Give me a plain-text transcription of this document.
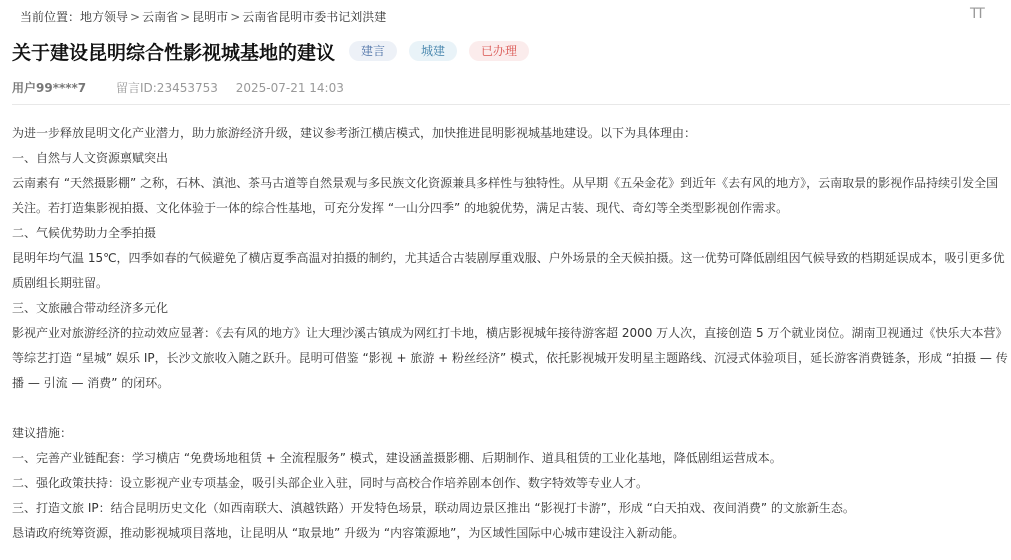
当前位置：地方领导 > 云南省 > 昆明市 > 云南省昆明市委书记刘洪建	TT
关于建设昆明综合性影视城基地的建议	建言	城建	已办理
用户99****7 留言ID:23453753 2025-07-21 14:03

为进一步释放昆明文化产业潜力，助力旅游经济升级，建议参考浙江横店模式，加快推进昆明影视城基地建设。以下为具体理由：

一、自然与人文资源禀赋突出

云南素有 “天然摄影棚” 之称，石林、滇池、茶马古道等自然景观与多民族文化资源兼具多样性与独特性。从早期《五朵金花》到近年《去有风的地方》，云南取景的影视作品持续引发全国关注。若打造集影视拍摄、文化体验于一体的综合性基地，可充分发挥 “一山分四季” 的地貌优势，满足古装、现代、奇幻等全类型影视创作需求。

二、气候优势助力全季拍摄

昆明年均气温 15℃，四季如春的气候避免了横店夏季高温对拍摄的制约，尤其适合古装剧厚重戏服、户外场景的全天候拍摄。这一优势可降低剧组因气候导致的档期延误成本，吸引更多优质剧组长期驻留。

三、文旅融合带动经济多元化

影视产业对旅游经济的拉动效应显著：《去有风的地方》让大理沙溪古镇成为网红打卡地，横店影视城年接待游客超 2000 万人次，直接创造 5 万个就业岗位。湖南卫视通过《快乐大本营》等综艺打造 “星城” 娱乐 IP，长沙文旅收入随之跃升。昆明可借鉴 “影视 + 旅游 + 粉丝经济” 模式，依托影视城开发明星主题路线、沉浸式体验项目，延长游客消费链条，形成 “拍摄 — 传播 — 引流 — 消费” 的闭环。

建议措施：

一、完善产业链配套：学习横店 “免费场地租赁 + 全流程服务” 模式，建设涵盖摄影棚、后期制作、道具租赁的工业化基地，降低剧组运营成本。

二、强化政策扶持：设立影视产业专项基金，吸引头部企业入驻，同时与高校合作培养剧本创作、数字特效等专业人才。

三、打造文旅 IP：结合昆明历史文化（如西南联大、滇越铁路）开发特色场景，联动周边景区推出 “影视打卡游”，形成 “白天拍戏、夜间消费” 的文旅新生态。

恳请政府统筹资源，推动影视城项目落地，让昆明从 “取景地” 升级为 “内容策源地”，为区域性国际中心城市建设注入新动能。
